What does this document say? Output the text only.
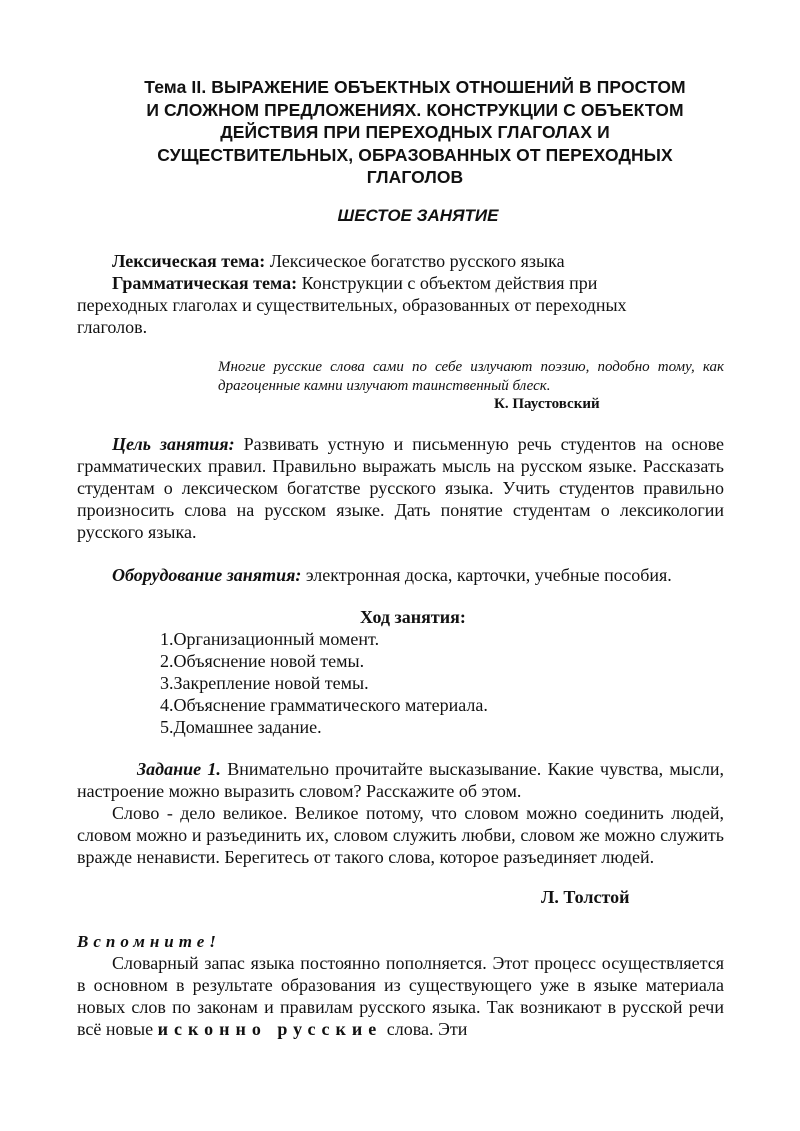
Тема II. ВЫРАЖЕНИЕ ОБЪЕКТНЫХ ОТНОШЕНИЙ В ПРОСТОМ
И СЛОЖНОМ ПРЕДЛОЖЕНИЯХ. КОНСТРУКЦИИ С ОБЪЕКТОМ
ДЕЙСТВИЯ ПРИ ПЕРЕХОДНЫХ ГЛАГОЛАХ И
СУЩЕСТВИТЕЛЬНЫХ, ОБРАЗОВАННЫХ ОТ ПЕРЕХОДНЫХ
ГЛАГОЛОВ
ШЕСТОЕ ЗАНЯТИЕ
Лексическая тема: Лексическое богатство русского языка
Грамматическая тема: Конструкции с объектом действия при
переходных глаголах и существительных, образованных от переходных
глаголов.
Многие русские слова сами по себе излучают поэзию, подобно тому, как драгоценные камни излучают таинственный блеск.
К. Паустовский
Цель занятия: Развивать устную и письменную речь студентов на основе грамматических правил. Правильно выражать мысль на русском языке. Рассказать студентам о лексическом богатстве русского языка. Учить студентов правильно произносить слова на русском языке. Дать понятие студентам о лексикологии русского языка.
Оборудование занятия: электронная доска, карточки, учебные пособия.
Ход занятия:
1.Организационный момент.
2.Объяснение новой темы.
3.Закрепление новой темы.
4.Объяснение грамматического материала.
5.Домашнее задание.
Задание 1. Внимательно прочитайте высказывание. Какие чувства, мысли, настроение можно выразить словом? Расскажите об этом.
Слово - дело великое. Великое потому, что словом можно соединить людей, словом можно и разъединить их, словом служить любви, словом же можно служить вражде ненависти. Берегитесь от такого слова, которое разъединяет людей.
Л. Толстой
Вспомните!
Словарный запас языка постоянно пополняется. Этот процесс осуществляется в основном в результате образования из существующего уже в языке материала новых слов по законам и правилам русского языка. Так возникают в русской речи всё новые исконно русские слова. Эти
